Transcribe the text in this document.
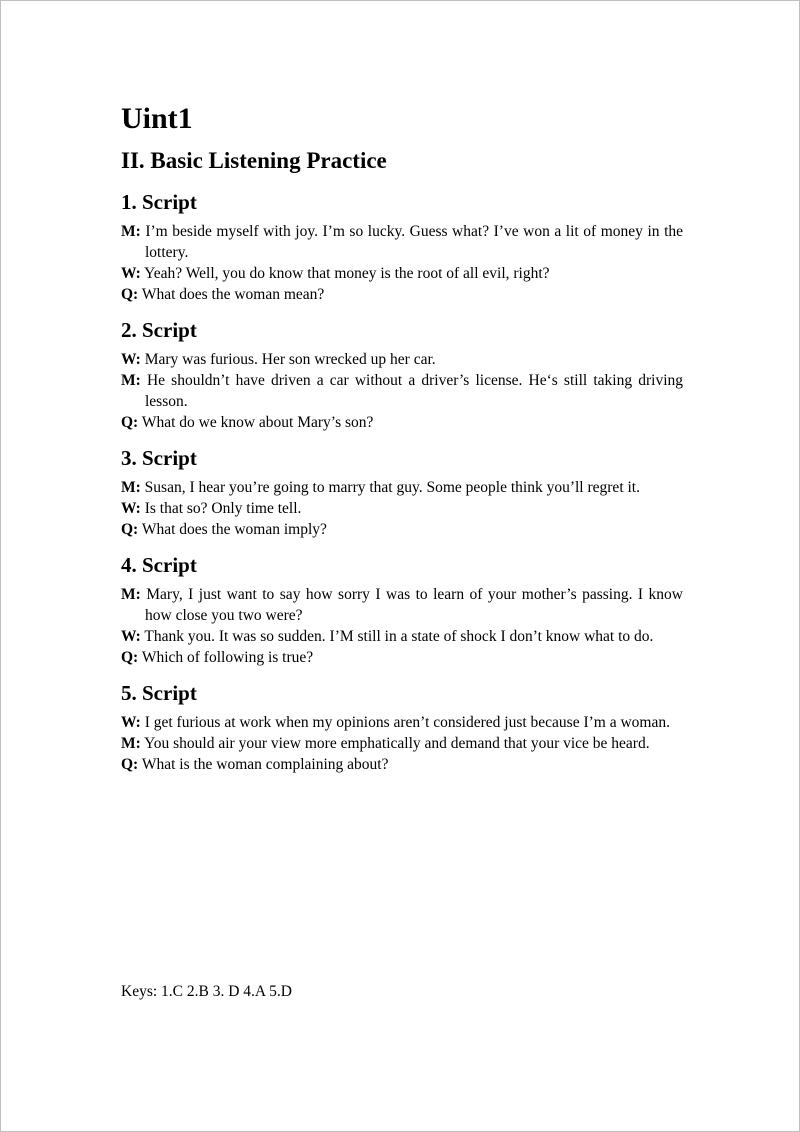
Uint1
II. Basic Listening Practice
1. Script
M: I’m beside myself with joy. I’m so lucky. Guess what? I’ve won a lit of money in the lottery.
W: Yeah? Well, you do know that money is the root of all evil, right?
Q: What does the woman mean?
2. Script
W: Mary was furious. Her son wrecked up her car.
M: He shouldn’t have driven a car without a driver’s license. He‘s still taking driving lesson.
Q: What do we know about Mary’s son?
3. Script
M: Susan, I hear you’re going to marry that guy. Some people think you’ll regret it.
W: Is that so? Only time tell.
Q: What does the woman imply?
4. Script
M: Mary, I just want to say how sorry I was to learn of your mother’s passing. I know how close you two were?
W: Thank you. It was so sudden. I’M still in a state of shock I don’t know what to do.
Q: Which of following is true?
5. Script
W: I get furious at work when my opinions aren’t considered just because I’m a woman.
M: You should air your view more emphatically and demand that your vice be heard.
Q: What is the woman complaining about?
Keys: 1.C 2.B 3. D 4.A 5.D
